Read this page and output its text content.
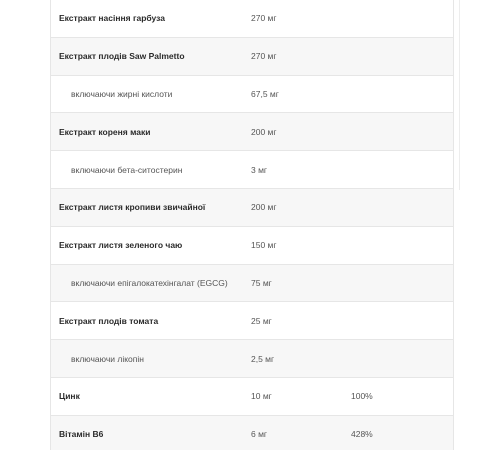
Екстракт насіння гарбуза	270 мг
Екстракт плодів Saw Palmetto	270 мг
включаючи жирні кислоти	67,5 мг
Екстракт кореня маки	200 мг
включаючи бета-ситостерин	3 мг
Екстракт листя кропиви звичайної	200 мг
Екстракт листя зеленого чаю	150 мг
включаючи епігалокатехінгалат (EGCG)	75 мг
Екстракт плодів томата	25 мг
включаючи лікопін	2,5 мг
Цинк	10 мг	100%
Вітамін B6	6 мг	428%
